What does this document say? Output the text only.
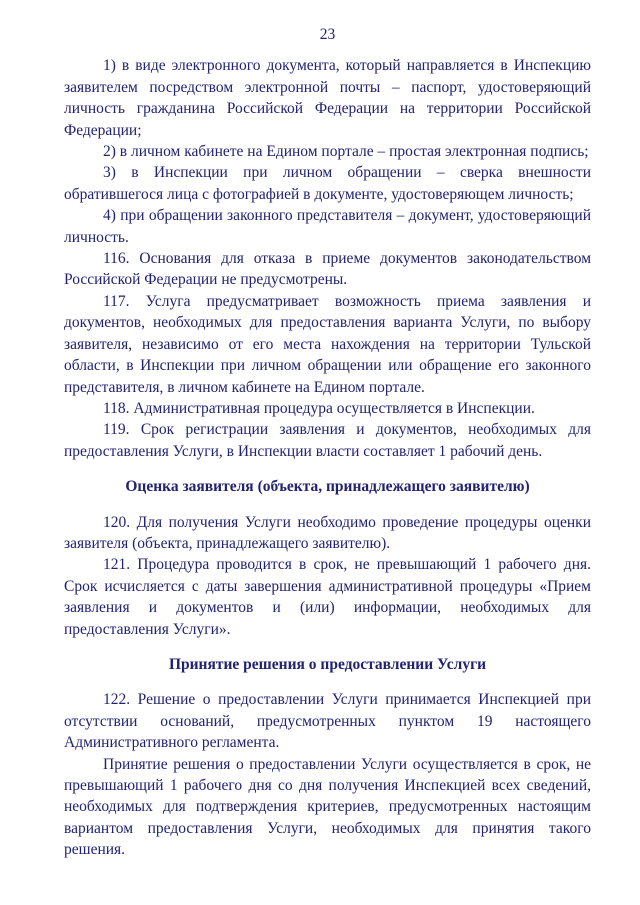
23

1) в виде электронного документа, который направляется в Инспекцию заявителем посредством электронной почты – паспорт, удостоверяющий личность гражданина Российской Федерации на территории Российской Федерации;

2) в личном кабинете на Едином портале – простая электронная подпись;

3) в Инспекции при личном обращении – сверка внешности обратившегося лица с фотографией в документе, удостоверяющем личность;

4) при обращении законного представителя – документ, удостоверяющий личность.

116. Основания для отказа в приеме документов законодательством Российской Федерации не предусмотрены.

117. Услуга предусматривает возможность приема заявления и документов, необходимых для предоставления варианта Услуги, по выбору заявителя, независимо от его места нахождения на территории Тульской области, в Инспекции при личном обращении или обращение его законного представителя, в личном кабинете на Едином портале.

118. Административная процедура осуществляется в Инспекции.

119. Срок регистрации заявления и документов, необходимых для предоставления Услуги, в Инспекции власти составляет 1 рабочий день.

Оценка заявителя (объекта, принадлежащего заявителю)

120. Для получения Услуги необходимо проведение процедуры оценки заявителя (объекта, принадлежащего заявителю).

121. Процедура проводится в срок, не превышающий 1 рабочего дня. Срок исчисляется с даты завершения административной процедуры «Прием заявления и документов и (или) информации, необходимых для предоставления Услуги».

Принятие решения о предоставлении Услуги

122. Решение о предоставлении Услуги принимается Инспекцией при отсутствии оснований, предусмотренных пунктом 19 настоящего Административного регламента.

Принятие решения о предоставлении Услуги осуществляется в срок, не превышающий 1 рабочего дня со дня получения Инспекцией всех сведений, необходимых для подтверждения критериев, предусмотренных настоящим вариантом предоставления Услуги, необходимых для принятия такого решения.
